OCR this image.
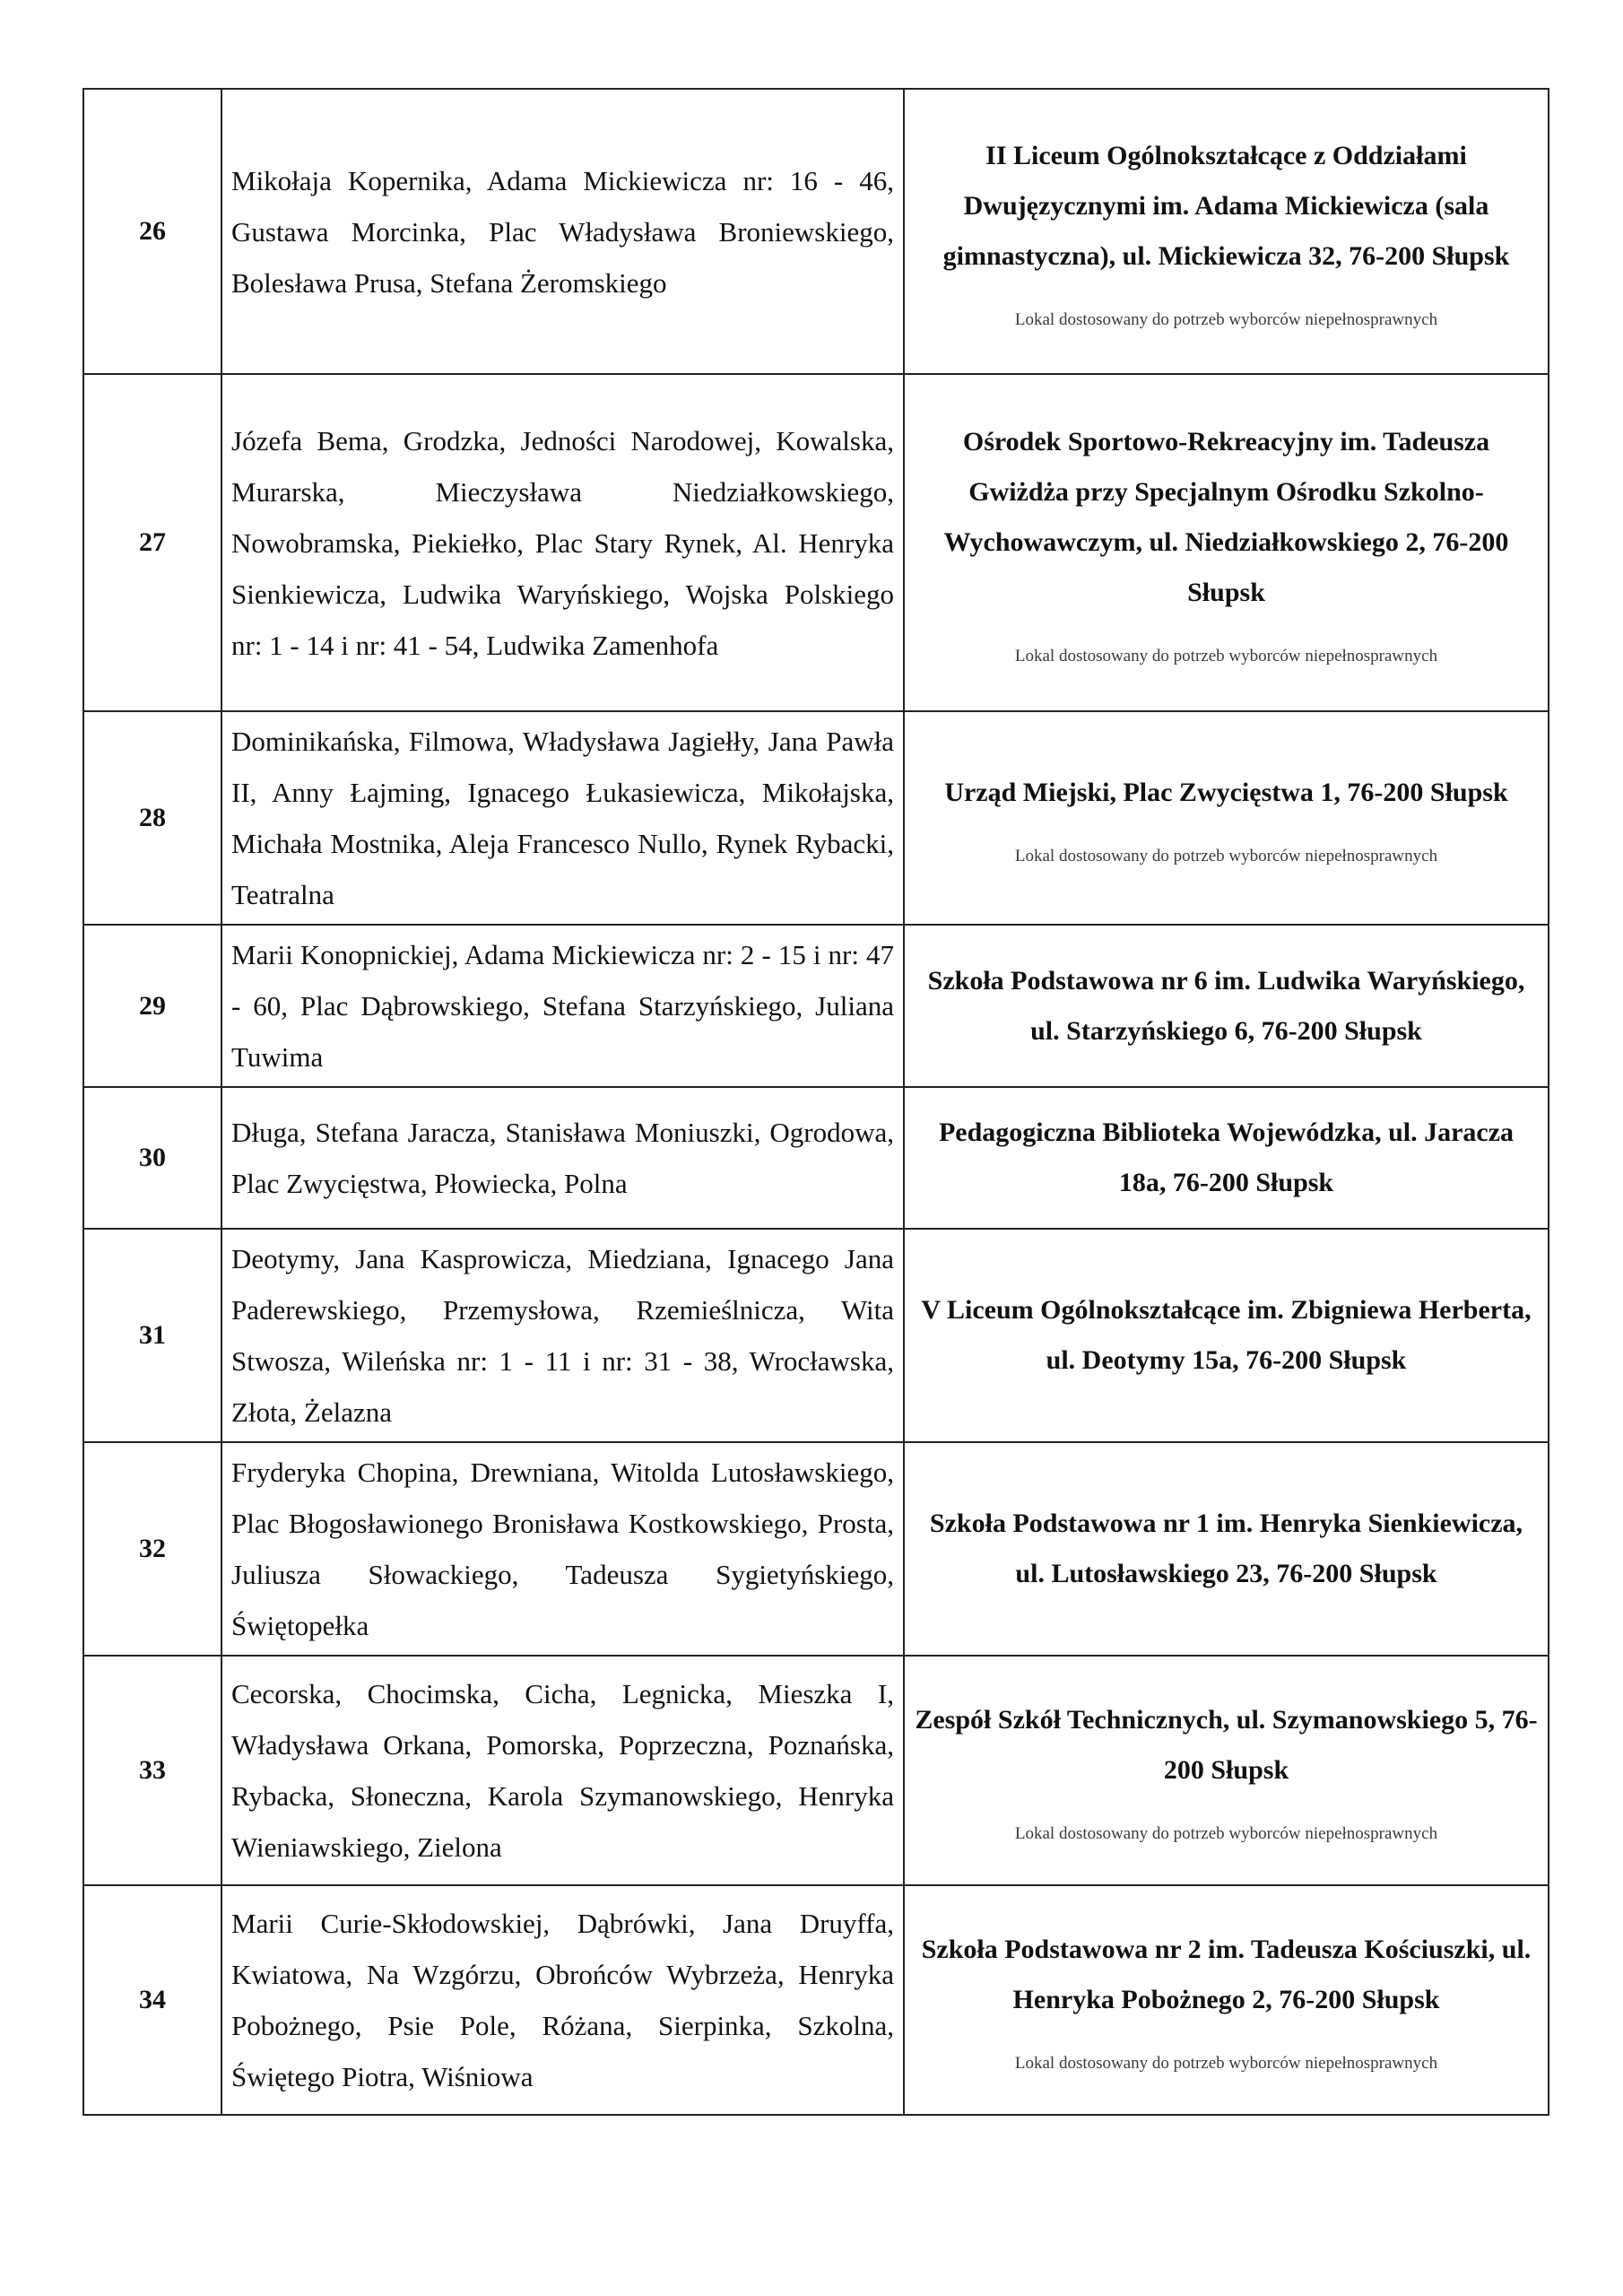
26	Mikołaja Kopernika, Adama Mickiewicza nr: 16 - 46, Gustawa Morcinka, Plac Władysława Broniewskiego, Bolesława Prusa, Stefana Żeromskiego	II Liceum Ogólnokształcące z Oddziałami Dwujęzycznymi im. Adama Mickiewicza (sala gimnastyczna), ul. Mickiewicza 32, 76-200 Słupsk
Lokal dostosowany do potrzeb wyborców niepełnosprawnych

27	Józefa Bema, Grodzka, Jedności Narodowej, Kowalska, Murarska, Mieczysława Niedziałkowskiego, Nowobramska, Piekiełko, Plac Stary Rynek, Al. Henryka Sienkiewicza, Ludwika Waryńskiego, Wojska Polskiego nr: 1 - 14 i nr: 41 - 54, Ludwika Zamenhofa	Ośrodek Sportowo-Rekreacyjny im. Tadeusza Gwiżdża przy Specjalnym Ośrodku Szkolno-Wychowawczym, ul. Niedziałkowskiego 2, 76-200 Słupsk
Lokal dostosowany do potrzeb wyborców niepełnosprawnych

28	Dominikańska, Filmowa, Władysława Jagiełły, Jana Pawła II, Anny Łajming, Ignacego Łukasiewicza, Mikołajska, Michała Mostnika, Aleja Francesco Nullo, Rynek Rybacki, Teatralna	Urząd Miejski, Plac Zwycięstwa 1, 76-200 Słupsk
Lokal dostosowany do potrzeb wyborców niepełnosprawnych

29	Marii Konopnickiej, Adama Mickiewicza nr: 2 - 15 i nr: 47 - 60, Plac Dąbrowskiego, Stefana Starzyńskiego, Juliana Tuwima	Szkoła Podstawowa nr 6 im. Ludwika Waryńskiego, ul. Starzyńskiego 6, 76-200 Słupsk

30	Długa, Stefana Jaracza, Stanisława Moniuszki, Ogrodowa, Plac Zwycięstwa, Płowiecka, Polna	Pedagogiczna Biblioteka Wojewódzka, ul. Jaracza 18a, 76-200 Słupsk

31	Deotymy, Jana Kasprowicza, Miedziana, Ignacego Jana Paderewskiego, Przemysłowa, Rzemieślnicza, Wita Stwosza, Wileńska nr: 1 - 11 i nr: 31 - 38, Wrocławska, Złota, Żelazna	V Liceum Ogólnokształcące im. Zbigniewa Herberta, ul. Deotymy 15a, 76-200 Słupsk

32	Fryderyka Chopina, Drewniana, Witolda Lutosławskiego, Plac Błogosławionego Bronisława Kostkowskiego, Prosta, Juliusza Słowackiego, Tadeusza Sygietyńskiego, Świętopełka	Szkoła Podstawowa nr 1 im. Henryka Sienkiewicza, ul. Lutosławskiego 23, 76-200 Słupsk

33	Cecorska, Chocimska, Cicha, Legnicka, Mieszka I, Władysława Orkana, Pomorska, Poprzeczna, Poznańska, Rybacka, Słoneczna, Karola Szymanowskiego, Henryka Wieniawskiego, Zielona	Zespół Szkół Technicznych, ul. Szymanowskiego 5, 76-200 Słupsk
Lokal dostosowany do potrzeb wyborców niepełnosprawnych

34	Marii Curie-Skłodowskiej, Dąbrówki, Jana Druyffa, Kwiatowa, Na Wzgórzu, Obrońców Wybrzeża, Henryka Pobożnego, Psie Pole, Różana, Sierpinka, Szkolna, Świętego Piotra, Wiśniowa	Szkoła Podstawowa nr 2 im. Tadeusza Kościuszki, ul. Henryka Pobożnego 2, 76-200 Słupsk
Lokal dostosowany do potrzeb wyborców niepełnosprawnych
